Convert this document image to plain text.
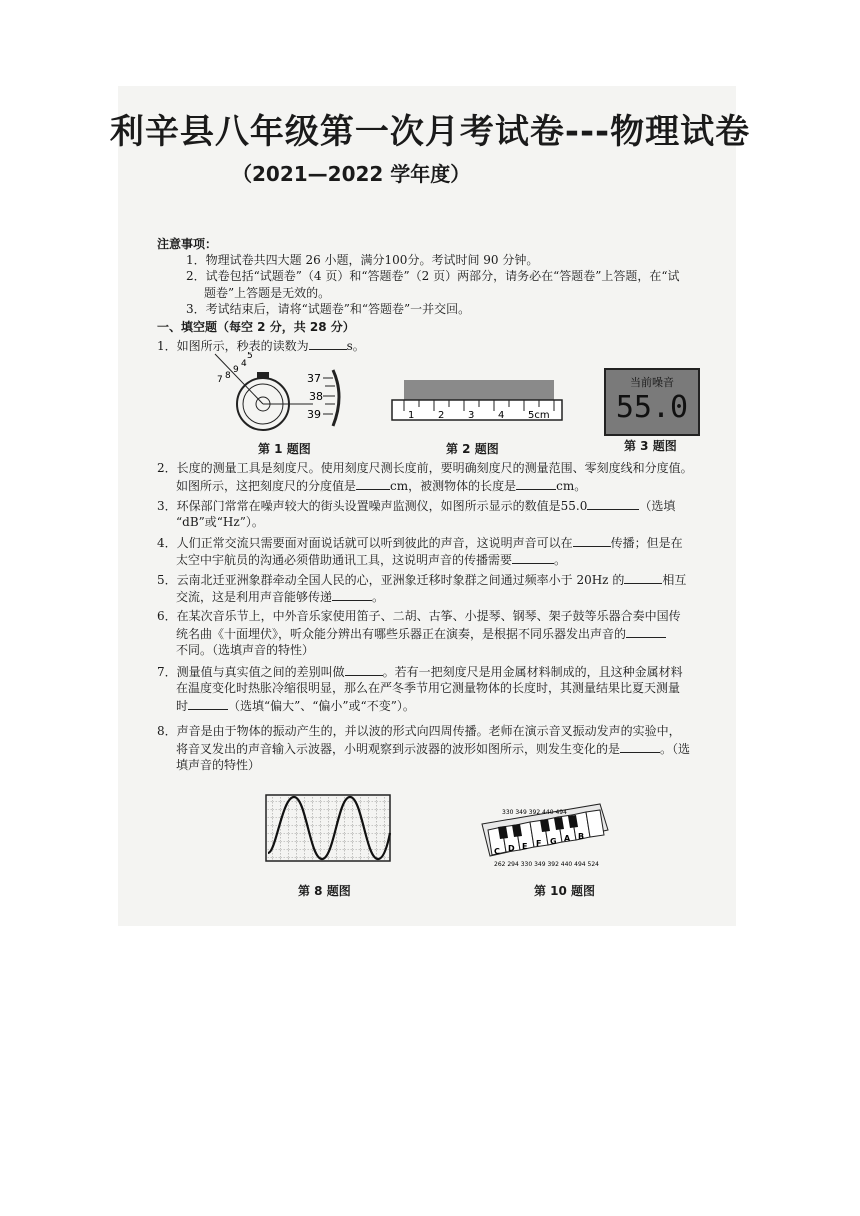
利辛县八年级第一次月考试卷---物理试卷
（2021—2022 学年度）
注意事项：
1．物理试卷共四大题 26 小题，满分100分。考试时间 90 分钟。
2．试卷包括“试题卷”（4 页）和“答题卷”（2 页）两部分，请务必在“答题卷”上答题，在“试
题卷”上答题是无效的。
3．考试结束后，请将“试题卷”和“答题卷”一并交回。
一、填空题（每空 2 分，共 28 分）
1．如图所示，秒表的读数为	s。
7 8
9
4
5
37
38
39	1 2 3 4 5cm
当前噪音
55.0
第 1 题图	第 2 题图	第 3 题图
2．长度的测量工具是刻度尺。使用刻度尺测长度前，要明确刻度尺的测量范围、零刻度线和分度值。
如图所示，这把刻度尺的分度值是	cm，被测物体的长度是	cm。
3．环保部门常常在噪声较大的街头设置噪声监测仪，如图所示显示的数值是55.0	（选填
“dB”或“Hz”）。
4．人们正常交流只需要面对面说话就可以听到彼此的声音，这说明声音可以在	传播；但是在
太空中宇航员的沟通必须借助通讯工具，这说明声音的传播需要	。
5．云南北迁亚洲象群牵动全国人民的心，亚洲象迁移时象群之间通过频率小于 20Hz 的	相互
交流，这是利用声音能够传递	。
6．在某次音乐节上，中外音乐家使用笛子、二胡、古筝、小提琴、钢琴、架子鼓等乐器合奏中国传
统名曲《十面埋伏》，听众能分辨出有哪些乐器正在演奏，是根据不同乐器发出声音的
不同。（选填声音的特性）
7．测量值与真实值之间的差别叫做	。若有一把刻度尺是用金属材料制成的，且这种金属材料
在温度变化时热胀冷缩很明显，那么在严冬季节用它测量物体的长度时，其测量结果比夏天测量
时	（选填“偏大”、“偏小”或“不变”）。
8．声音是由于物体的振动产生的，并以波的形式向四周传播。老师在演示音叉振动发声的实验中，
将音叉发出的声音输入示波器，小明观察到示波器的波形如图所示，则发生变化的是	。（选
填声音的特性）
330 349 392 440 494
C D E F G A B
262 294 330 349 392 440 494 524
第 8 题图	第 10 题图
